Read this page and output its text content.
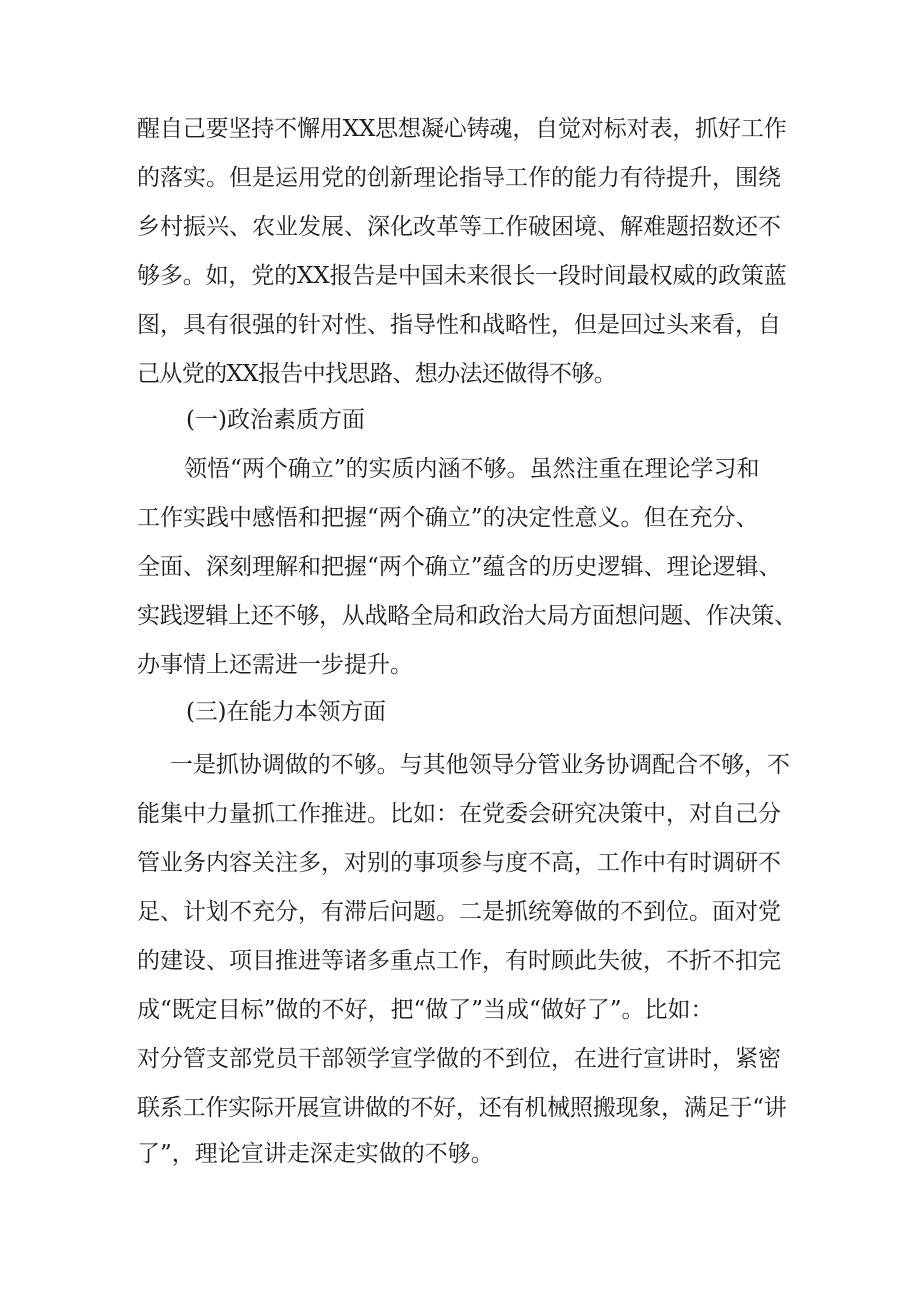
醒自己要坚持不懈用XX思想凝心铸魂，自觉对标对表，抓好工作
的落实。但是运用党的创新理论指导工作的能力有待提升，围绕
乡村振兴、农业发展、深化改革等工作破困境、解难题招数还不
够多。如，党的XX报告是中国未来很长一段时间最权威的政策蓝
图，具有很强的针对性、指导性和战略性，但是回过头来看，自
己从党的XX报告中找思路、想办法还做得不够。
(一)政治素质方面
领悟“两个确立”的实质内涵不够。虽然注重在理论学习和
工作实践中感悟和把握“两个确立”的决定性意义。但在充分、
全面、深刻理解和把握“两个确立”蕴含的历史逻辑、理论逻辑、
实践逻辑上还不够，从战略全局和政治大局方面想问题、作决策、
办事情上还需进一步提升。
(三)在能力本领方面
一是抓协调做的不够。与其他领导分管业务协调配合不够，不
能集中力量抓工作推进。比如：在党委会研究决策中，对自己分
管业务内容关注多，对别的事项参与度不高，工作中有时调研不
足、计划不充分，有滞后问题。二是抓统筹做的不到位。面对党
的建设、项目推进等诸多重点工作，有时顾此失彼，不折不扣完
成“既定目标”做的不好，把“做了”当成“做好了”。比如：
对分管支部党员干部领学宣学做的不到位，在进行宣讲时，紧密
联系工作实际开展宣讲做的不好，还有机械照搬现象，满足于“讲
了”，理论宣讲走深走实做的不够。
